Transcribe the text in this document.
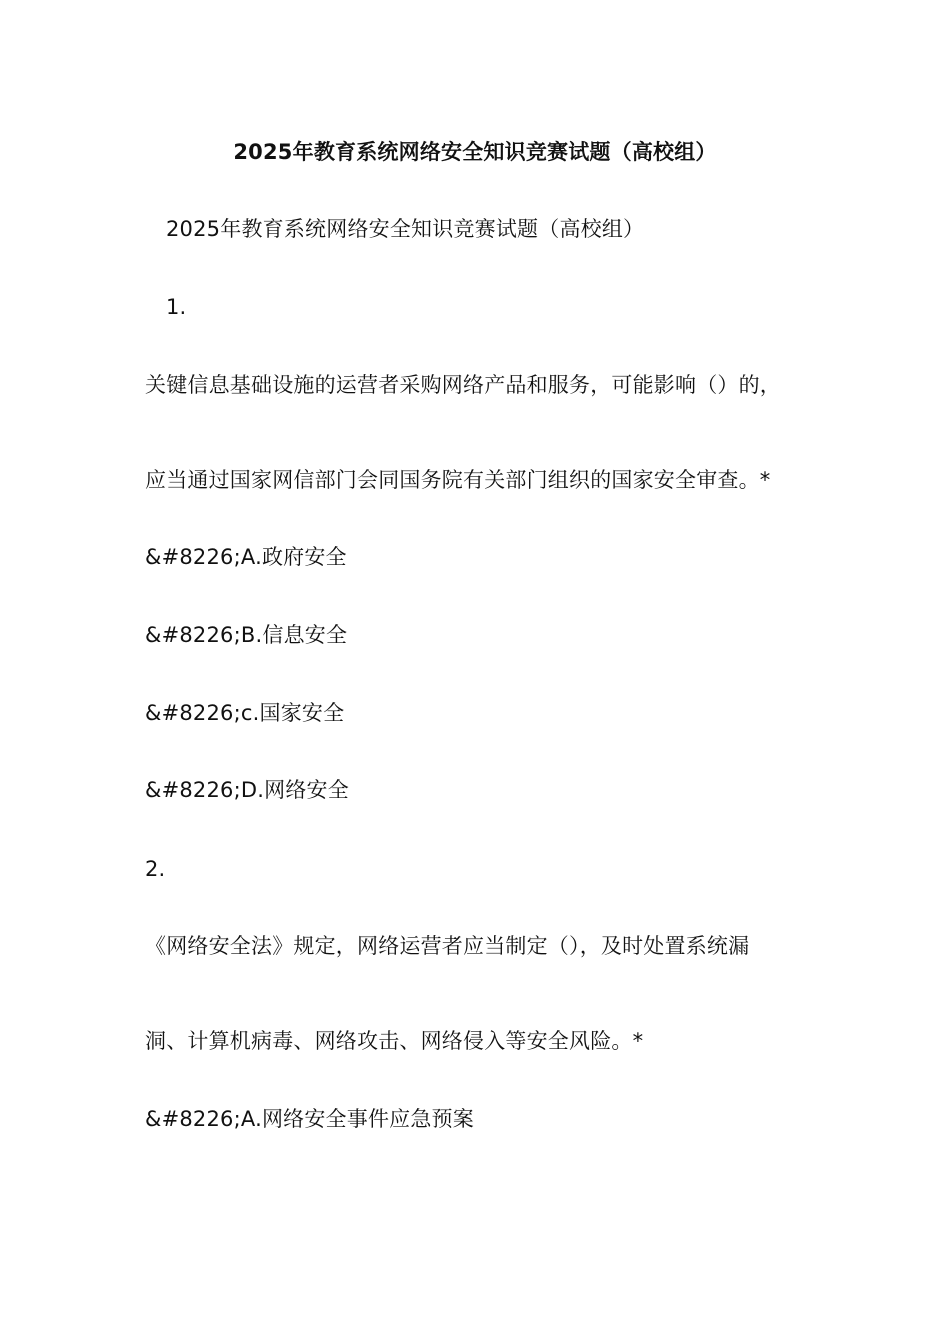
2025年教育系统网络安全知识竞赛试题（高校组）
2025年教育系统网络安全知识竞赛试题（高校组）
1.
关键信息基础设施的运营者采购网络产品和服务，可能影响（）的，
应当通过国家网信部门会同国务院有关部门组织的国家安全审查。*
&#8226;A.政府安全
&#8226;B.信息安全
&#8226;c.国家安全
&#8226;D.网络安全
2.
《网络安全法》规定，网络运营者应当制定（），及时处置系统漏
洞、计算机病毒、网络攻击、网络侵入等安全风险。*
&#8226;A.网络安全事件应急预案
